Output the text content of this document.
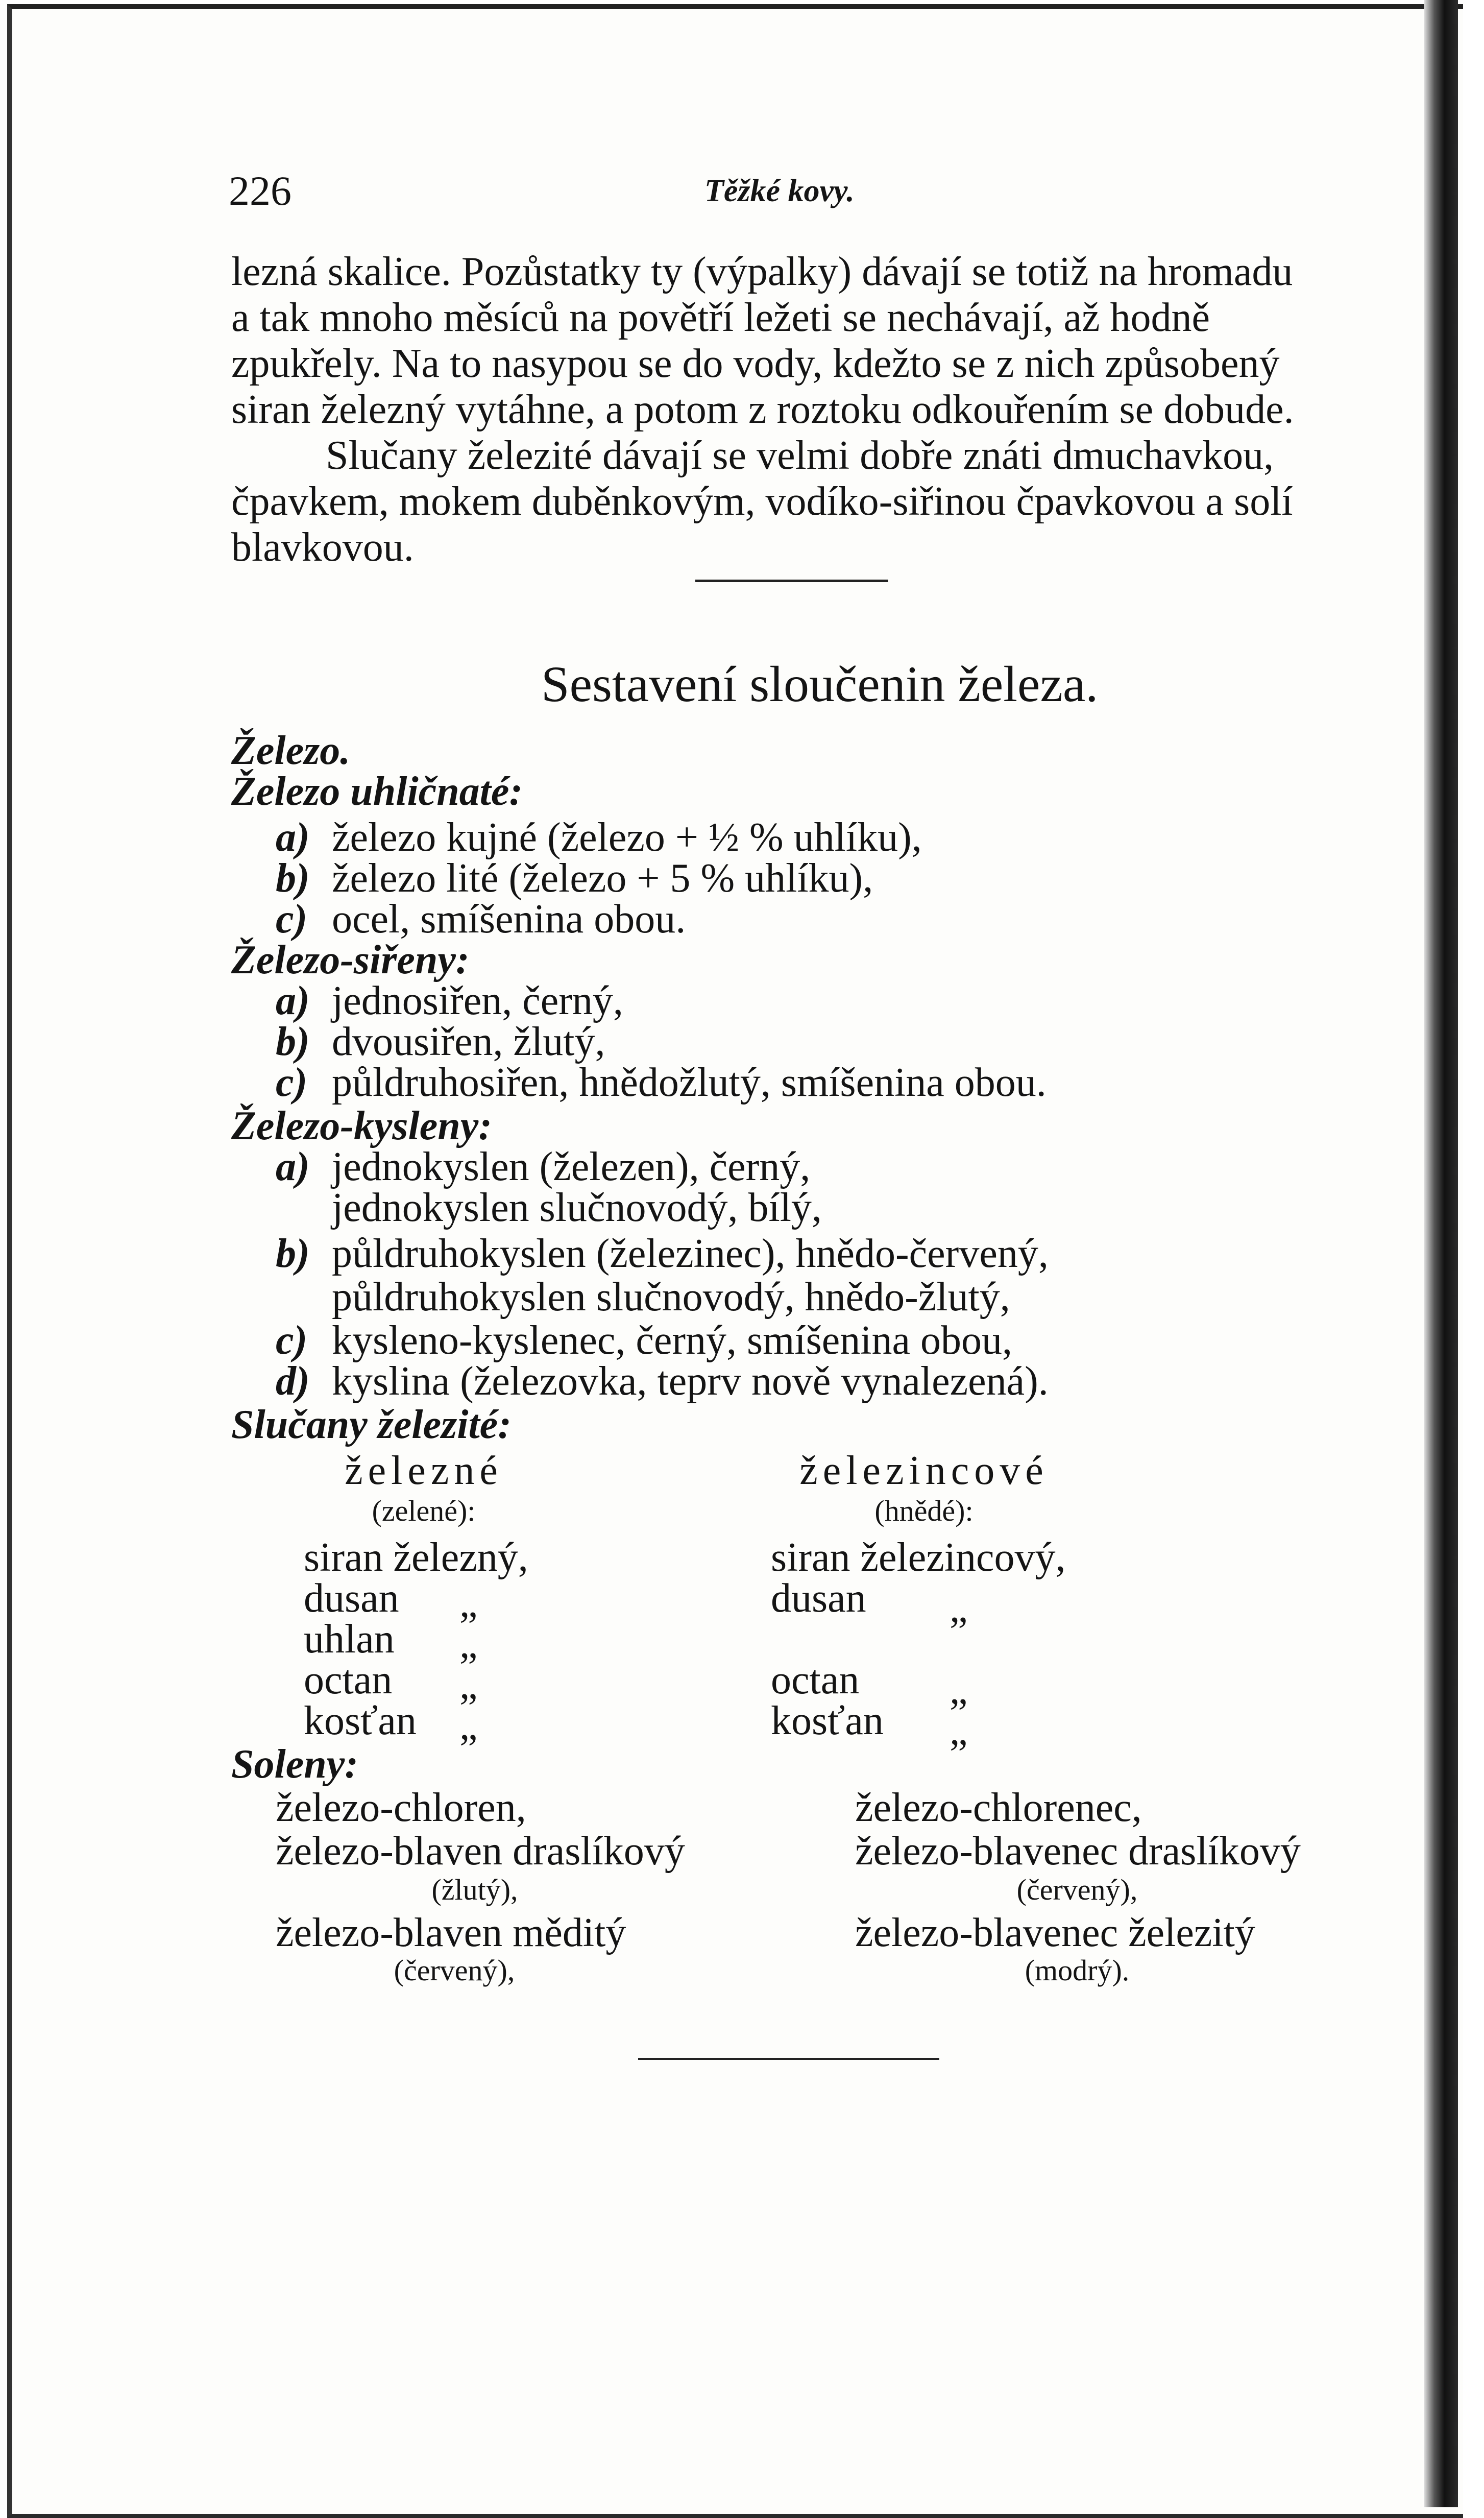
226	Těžké kovy.
lezná skalice. Pozůstatky ty (výpalky) dávají se totiž na hromadu
a tak mnoho měsíců na povětří ležeti se nechávají, až hodně
zpukřely. Na to nasypou se do vody, kdežto se z nich způsobený
siran železný vytáhne, a potom z roztoku odkouřením se dobude.
Slučany železité dávají se velmi dobře znáti dmuchavkou,
čpavkem, mokem duběnkovým, vodíko-siřinou čpavkovou a solí
blavkovou.
Sestavení sloučenin železa.
Železo.
Železo uhličnaté:
a) železo kujné (železo + ½ % uhlíku),
b) železo lité (železo + 5 % uhlíku),
c) ocel, smíšenina obou.
Železo-siřeny:
a) jednosiřen, černý,
b) dvousiřen, žlutý,
c) půldruhosiřen, hnědožlutý, smíšenina obou.
Železo-kysleny:
a) jednokyslen (železen), černý,
jednokyslen slučnovodý, bílý,
b) půldruhokyslen (železinec), hnědo-červený,
půldruhokyslen slučnovodý, hnědo-žlutý,
c) kysleno-kyslenec, černý, smíšenina obou,
d) kyslina (železovka, teprv nově vynalezená).
Slučany železité:
železné
(zelené):
železincové
(hnědé):
siran železný,
dusan „
uhlan „
octan „
kosťan „
siran železincový,
dusan „
octan „
kosťan „
Soleny:
železo-chloren,
železo-blaven draslíkový
(žlutý),
železo-blaven měditý
(červený),
železo-chlorenec,
železo-blavenec draslíkový
(červený),
železo-blavenec železitý
(modrý).
